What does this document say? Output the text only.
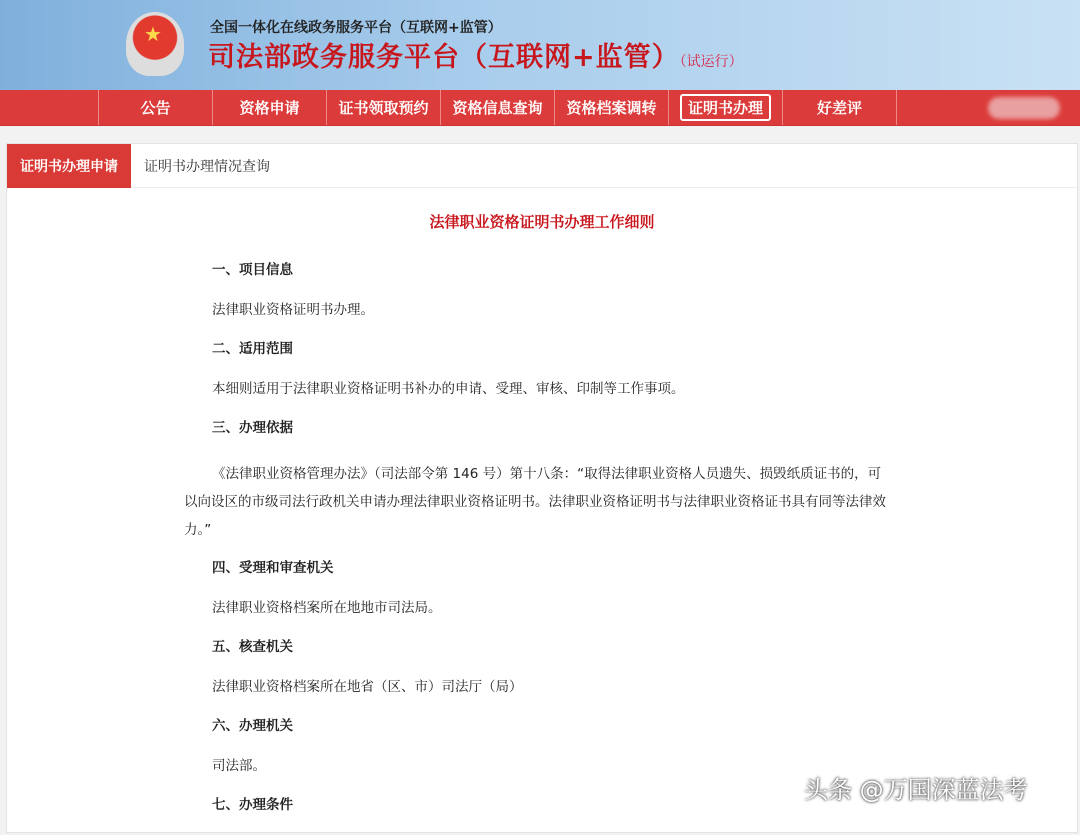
★	全国一体化在线政务服务平台（互联网+监管）
司法部政务服务平台（互联网+监管）（试运行）
公告	资格申请	证书领取预约 资格信息查询 资格档案调转	证明书办理	好差评
证明书办理申请	证明书办理情况查询
法律职业资格证明书办理工作细则
一、项目信息
法律职业资格证明书办理。
二、适用范围
本细则适用于法律职业资格证明书补办的申请、受理、审核、印制等工作事项。
三、办理依据
《法律职业资格管理办法》（司法部令第 146 号）第十八条：“取得法律职业资格人员遗失、损毁纸质证书的，可以向设区的市级司法行政机关申请办理法律职业资格证明书。法律职业资格证明书与法律职业资格证书具有同等法律效力。”
四、受理和审查机关
法律职业资格档案所在地地市司法局。
五、核查机关
法律职业资格档案所在地省（区、市）司法厅（局）
六、办理机关
司法部。
七、办理条件
头条 @万国深蓝法考
